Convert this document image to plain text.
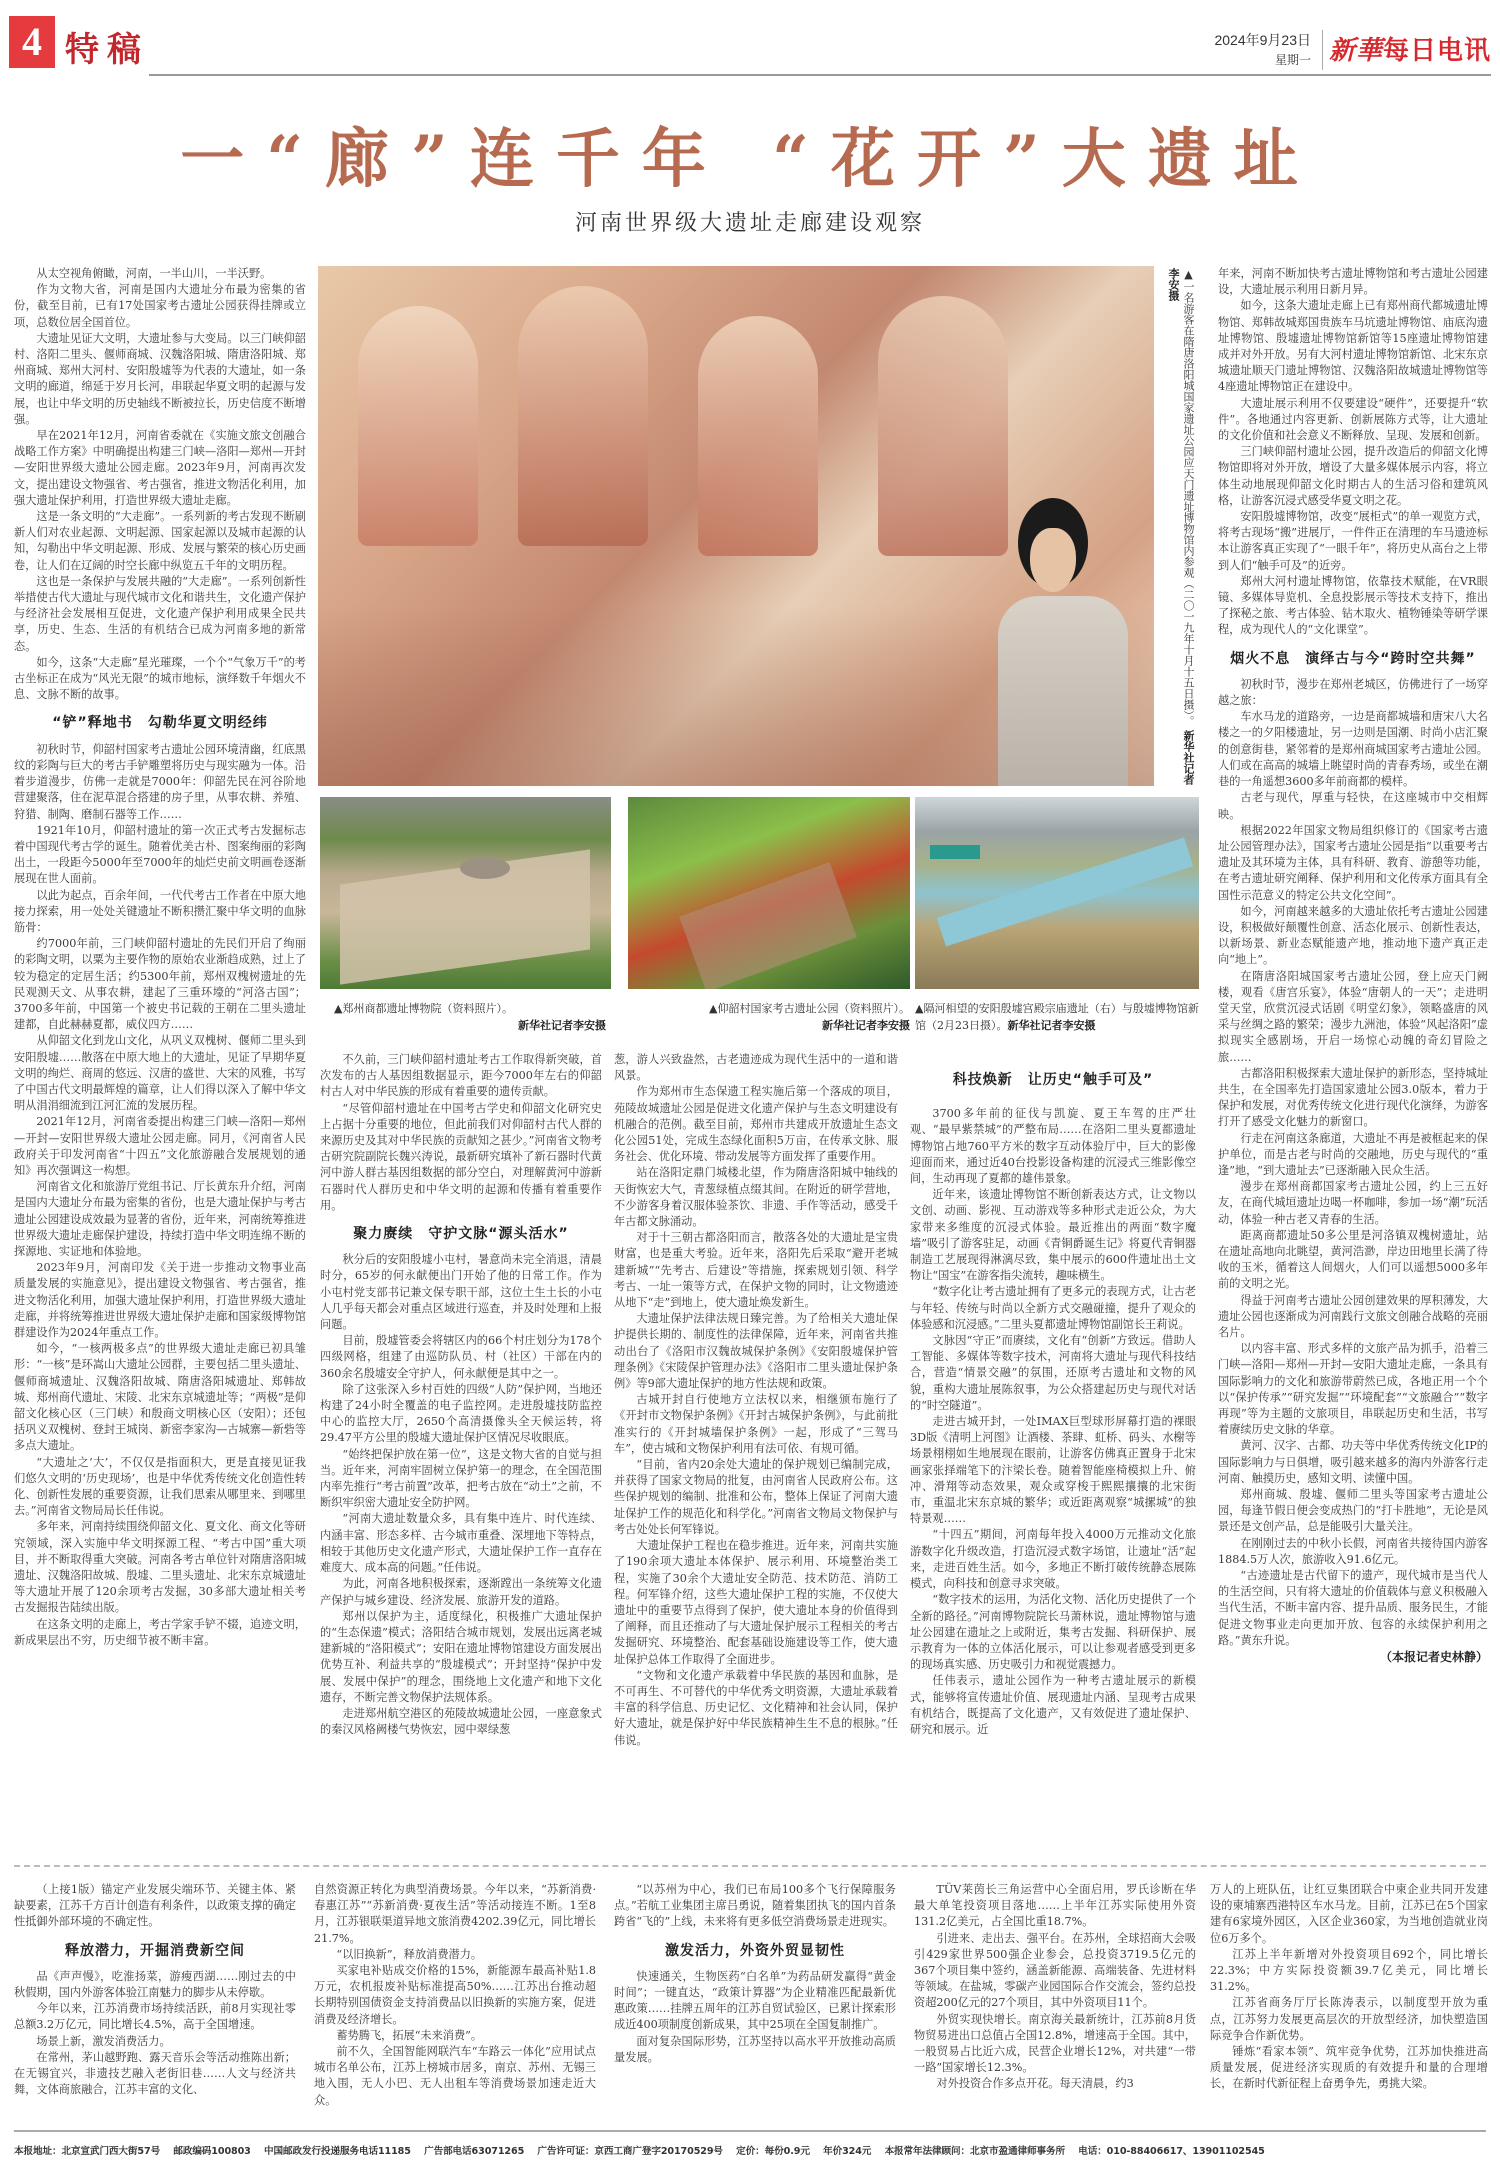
4 特稿	2024年9月23日
星期一 新華每日电讯
一“廊”连千年 “花开”大遗址
河南世界级大遗址走廊建设观察

从太空视角俯瞰，河南，一半山川，一半沃野。

作为文物大省，河南是国内大遗址分布最为密集的省份，截至目前，已有17处国家考古遗址公园获得挂牌或立项，总数位居全国首位。

大遗址见证大文明，大遗址参与大变局。以三门峡仰韶村、洛阳二里头、偃师商城、汉魏洛阳城、隋唐洛阳城、郑州商城、郑州大河村、安阳殷墟等为代表的大遗址，如一条文明的廊道，绵延于岁月长河，串联起华夏文明的起源与发展，也让中华文明的历史轴线不断被拉长，历史信度不断增强。

早在2021年12月，河南省委就在《实施文旅文创融合战略工作方案》中明确提出构建三门峡—洛阳—郑州—开封—安阳世界级大遗址公园走廊。2023年9月，河南再次发文，提出建设文物强省、考古强省，推进文物活化利用，加强大遗址保护利用，打造世界级大遗址走廊。

这是一条文明的“大走廊”。一系列新的考古发现不断刷新人们对农业起源、文明起源、国家起源以及城市起源的认知，勾勒出中华文明起源、形成、发展与繁荣的核心历史画卷，让人们在辽阔的时空长廊中纵览五千年的文明历程。

这也是一条保护与发展共融的“大走廊”。一系列创新性举措使古代大遗址与现代城市文化和谐共生，文化遗产保护与经济社会发展相互促进，文化遗产保护利用成果全民共享，历史、生态、生活的有机结合已成为河南多地的新常态。

如今，这条“大走廊”星光璀璨，一个个“气象万千”的考古坐标正在成为“风光无限”的城市地标，演绎数千年烟火不息、文脉不断的故事。

“铲”释地书　勾勒华夏文明经纬

初秋时节，仰韶村国家考古遗址公园环境清幽，红底黑纹的彩陶与巨大的考古手铲雕塑将历史与现实融为一体。沿着步道漫步，仿佛一走就是7000年：仰韶先民在河谷阶地营建聚落，住在泥草混合搭建的房子里，从事农耕、养殖、狩猎、制陶、磨制石器等工作……

1921年10月，仰韶村遗址的第一次正式考古发掘标志着中国现代考古学的诞生。随着优美古朴、图案绚丽的彩陶出土，一段距今5000年至7000年的灿烂史前文明画卷逐渐展现在世人面前。

以此为起点，百余年间，一代代考古工作者在中原大地接力探索，用一处处关键遗址不断积攒汇聚中华文明的血脉筋骨：

约7000年前，三门峡仰韶村遗址的先民们开启了绚丽的彩陶文明，以粟为主要作物的原始农业渐趋成熟，过上了较为稳定的定居生活；约5300年前，郑州双槐树遗址的先民观测天文、从事农耕，建起了三重环壕的“河洛古国”；3700多年前，中国第一个被史书记载的王朝在二里头遗址建都，自此赫赫夏都，威仪四方……

从仰韶文化到龙山文化，从巩义双槐树、偃师二里头到安阳殷墟……散落在中原大地上的大遗址，见证了早期华夏文明的绚烂、商周的悠远、汉唐的盛世、大宋的风雅，书写了中国古代文明最辉煌的篇章，让人们得以深入了解中华文明从涓涓细流到江河汇流的发展历程。

2021年12月，河南省委提出构建三门峡—洛阳—郑州—开封—安阳世界级大遗址公园走廊。同月，《河南省人民政府关于印发河南省“十四五”文化旅游融合发展规划的通知》再次强调这一构想。

河南省文化和旅游厅党组书记、厅长黄东升介绍，河南是国内大遗址分布最为密集的省份，也是大遗址保护与考古遗址公园建设成效最为显著的省份，近年来，河南统筹推进世界级大遗址走廊保护建设，持续打造中华文明连绵不断的探源地、实证地和体验地。

2023年9月，河南印发《关于进一步推动文物事业高质量发展的实施意见》，提出建设文物强省、考古强省，推进文物活化利用，加强大遗址保护利用，打造世界级大遗址走廊，并将统筹推进世界级大遗址保护走廊和国家级博物馆群建设作为2024年重点工作。

如今，“一核两极多点”的世界级大遗址走廊已初具雏形：“一核”是环嵩山大遗址公园群，主要包括二里头遗址、偃师商城遗址、汉魏洛阳故城、隋唐洛阳城遗址、郑韩故城、郑州商代遗址、宋陵、北宋东京城遗址等；“两极”是仰韶文化核心区（三门峡）和殷商文明核心区（安阳）；还包括巩义双槐树、登封王城岗、新密李家沟—古城寨—新砦等多点大遗址。

“大遗址之‘大’，不仅仅是指面积大，更是直接见证我们悠久文明的‘历史现场’，也是中华优秀传统文化创造性转化、创新性发展的重要资源，让我们思索从哪里来、到哪里去。”河南省文物局局长任伟说。

多年来，河南持续围绕仰韶文化、夏文化、商文化等研究领域，深入实施中华文明探源工程、“考古中国”重大项目，并不断取得重大突破。河南各考古单位针对隋唐洛阳城遗址、汉魏洛阳故城、殷墟、二里头遗址、北宋东京城遗址等大遗址开展了120余项考古发掘，30多部大遗址相关考古发掘报告陆续出版。

在这条文明的走廊上，考古学家手铲不辍，追迹文明，新成果层出不穷，历史细节被不断丰富。

▲一名游客在隋唐洛阳城国家遗址公园应天门遗址博物馆内参观（二〇一九年十月十五日摄）。 新华社记者李安摄
▲郑州商都遗址博物院（资料照片）。
新华社记者李安摄
▲仰韶村国家考古遗址公园（资料照片）。
新华社记者李安摄
▲隔河相望的安阳殷墟宫殿宗庙遗址（右）与殷墟博物馆新馆（2月23日摄）。新华社记者李安摄

不久前，三门峡仰韶村遗址考古工作取得新突破，首次发布的古人基因组数据显示，距今7000年左右的仰韶村古人对中华民族的形成有着重要的遗传贡献。

“尽管仰韶村遗址在中国考古学史和仰韶文化研究史上占据十分重要的地位，但此前我们对仰韶村古代人群的来源历史及其对中华民族的贡献知之甚少。”河南省文物考古研究院副院长魏兴涛说，最新研究填补了新石器时代黄河中游人群古基因组数据的部分空白，对理解黄河中游新石器时代人群历史和中华文明的起源和传播有着重要作用。

聚力赓续　守护文脉“源头活水”

秋分后的安阳殷墟小屯村，暑意尚未完全消退，清晨时分，65岁的何永献便出门开始了他的日常工作。作为小屯村党支部书记兼文保专职干部，这位土生土长的小屯人几乎每天都会对重点区域进行巡查，并及时处理和上报问题。

目前，殷墟管委会将辖区内的66个村庄划分为178个四级网格，组建了由巡防队员、村（社区）干部在内的360余名殷墟安全守护人，何永献便是其中之一。

除了这张深入乡村百姓的四级“人防”保护网，当地还构建了24小时全覆盖的电子监控网。走进殷墟技防监控中心的监控大厅，2650个高清摄像头全天候运转，将29.47平方公里的殷墟大遗址保护区情况尽收眼底。

“始终把保护放在第一位”，这是文物大省的自觉与担当。近年来，河南牢固树立保护第一的理念，在全国范围内率先推行“考古前置”改革，把考古放在“动土”之前，不断织牢织密大遗址安全防护网。

“河南大遗址数量众多，具有集中连片、时代连续、内涵丰富、形态多样、古今城市重叠、深埋地下等特点，相较于其他历史文化遗产形式，大遗址保护工作一直存在难度大、成本高的问题。”任伟说。

为此，河南各地积极探索，逐渐蹚出一条统筹文化遗产保护与城乡建设、经济发展、旅游开发的道路。

郑州以保护为主，适度绿化，积极推广大遗址保护的“生态保遗”模式；洛阳结合城市规划，发展出远离老城建新城的“洛阳模式”；安阳在遗址博物馆建设方面发展出优势互补、利益共享的“殷墟模式”；开封坚持“保护中发展、发展中保护”的理念，围绕地上文化遗产和地下文化遗存，不断完善文物保护法规体系。

走进郑州航空港区的苑陵故城遗址公园，一座意象式的秦汉风格阙楼气势恢宏，园中翠绿葱

葱，游人兴致盎然，古老遗迹成为现代生活中的一道和谐风景。

作为郑州市生态保遗工程实施后第一个落成的项目，苑陵故城遗址公园是促进文化遗产保护与生态文明建设有机融合的范例。截至目前，郑州市共建成开放遗址生态文化公园51处，完成生态绿化面积5万亩，在传承文脉、服务社会、优化环境、带动发展等方面发挥了重要作用。

站在洛阳定鼎门城楼北望，作为隋唐洛阳城中轴线的天街恢宏大气，青葱绿植点缀其间。在附近的研学营地，不少游客身着汉服体验茶饮、非遗、手作等活动，感受千年古都文脉涌动。

对于十三朝古都洛阳而言，散落各处的大遗址是宝贵财富，也是重大考验。近年来，洛阳先后采取“避开老城建新城”“先考古、后建设”等措施，探索规划引领、科学考古、一址一策等方式，在保护文物的同时，让文物遗迹从地下“走”到地上，使大遗址焕发新生。

大遗址保护法律法规日臻完善。为了给相关大遗址保护提供长期的、制度性的法律保障，近年来，河南省共推动出台了《洛阳市汉魏故城保护条例》《安阳殷墟保护管理条例》《宋陵保护管理办法》《洛阳市二里头遗址保护条例》等9部大遗址保护的地方性法规和政策。

古城开封自行使地方立法权以来，相继颁布施行了《开封市文物保护条例》《开封古城保护条例》，与此前批准实行的《开封城墙保护条例》一起，形成了“三驾马车”，使古城和文物保护利用有法可依、有规可循。

“目前，省内20余处大遗址的保护规划已编制完成，并获得了国家文物局的批复，由河南省人民政府公布。这些保护规划的编制、批准和公布，整体上保证了河南大遗址保护工作的规范化和科学化。”河南省文物局文物保护与考古处处长何军锋说。

大遗址保护工程也在稳步推进。近年来，河南共实施了190余项大遗址本体保护、展示利用、环境整治类工程，实施了30余个大遗址安全防范、技术防范、消防工程。何军锋介绍，这些大遗址保护工程的实施，不仅使大遗址中的重要节点得到了保护，使大遗址本身的价值得到了阐释，而且还推动了与大遗址保护展示工程相关的考古发掘研究、环境整治、配套基础设施建设等工作，使大遗址保护总体工作取得了全面进步。

“文物和文化遗产承载着中华民族的基因和血脉，是不可再生、不可替代的中华优秀文明资源，大遗址承载着丰富的科学信息、历史记忆、文化精神和社会认同，保护好大遗址，就是保护好中华民族精神生生不息的根脉。”任伟说。

科技焕新　让历史“触手可及”

3700多年前的征伐与凯旋、夏王车驾的庄严壮观、“最早紫禁城”的严整布局……在洛阳二里头夏都遗址博物馆占地760平方米的数字互动体验厅中，巨大的影像迎面而来，通过近40台投影设备构建的沉浸式三维影像空间，生动再现了夏都的雄伟景象。

近年来，该遗址博物馆不断创新表达方式，让文物以文创、动画、影视、互动游戏等多种形式走近公众，为大家带来多维度的沉浸式体验。最近推出的两面“数字魔墙”吸引了游客驻足，动画《青铜爵诞生记》将夏代青铜器制造工艺展现得淋漓尽致，集中展示的600件遗址出土文物让“国宝”在游客指尖流转，趣味横生。

“数字化让考古遗址拥有了更多元的表现方式，让古老与年轻、传统与时尚以全新方式交融碰撞，提升了观众的体验感和沉浸感。”二里头夏都遗址博物馆副馆长王莉说。

文脉因“守正”而赓续，文化有“创新”方致远。借助人工智能、多媒体等数字技术，河南将大遗址与现代科技结合，营造“情景交融”的氛围，还原考古遗址和文物的风貌，重构大遗址展陈叙事，为公众搭建起历史与现代对话的“时空隧道”。

走进古城开封，一处IMAX巨型球形屏幕打造的裸眼3D版《清明上河图》让酒楼、茶肆、虹桥、码头、水榭等场景栩栩如生地展现在眼前，让游客仿佛真正置身于北宋画家张择端笔下的汴梁长卷。随着智能座椅模拟上升、俯冲、滑翔等动态效果，观众或穿梭于熙熙攘攘的北宋街市，重温北宋东京城的繁华；或近距离观察“城摞城”的独特景观……

“十四五”期间，河南每年投入4000万元推动文化旅游数字化升级改造，打造沉浸式数字场馆，让遗址“活”起来，走进百姓生活。如今，多地正不断打破传统静态展陈模式，向科技和创意寻求突破。

“数字技术的运用，为活化文物、活化历史提供了一个全新的路径。”河南博物院院长马萧林说，遗址博物馆与遗址公园建在遗址之上或附近，集考古发掘、科研保护、展示教育为一体的立体活化展示，可以让参观者感受到更多的现场真实感、历史吸引力和视觉震撼力。

任伟表示，遗址公园作为一种考古遗址展示的新模式，能够将宣传遗址价值、展现遗址内涵、呈现考古成果有机结合，既提高了文化遗产，又有效促进了遗址保护、研究和展示。近

年来，河南不断加快考古遗址博物馆和考古遗址公园建设，大遗址展示利用日新月异。

如今，这条大遗址走廊上已有郑州商代都城遗址博物馆、郑韩故城郑国贵族车马坑遗址博物馆、庙底沟遗址博物馆、殷墟遗址博物馆新馆等15座遗址博物馆建成并对外开放。另有大河村遗址博物馆新馆、北宋东京城遗址顺天门遗址博物馆、汉魏洛阳故城遗址博物馆等4座遗址博物馆正在建设中。

大遗址展示利用不仅要建设“硬件”，还要提升“软件”。各地通过内容更新、创新展陈方式等，让大遗址的文化价值和社会意义不断释放、呈现、发展和创新。

三门峡仰韶村遗址公园，提升改造后的仰韶文化博物馆即将对外开放，增设了大量多媒体展示内容，将立体生动地展现仰韶文化时期古人的生活习俗和建筑风格，让游客沉浸式感受华夏文明之花。

安阳殷墟博物馆，改变“展柜式”的单一观览方式，将考古现场“搬”进展厅，一件件正在清理的车马遗迹标本让游客真正实现了“一眼千年”，将历史从高台之上带到人们“触手可及”的近旁。

郑州大河村遗址博物馆，依靠技术赋能，在VR眼镜、多媒体导览机、全息投影展示等技术支持下，推出了探秘之旅、考古体验、钻木取火、植物锤染等研学课程，成为现代人的“文化课堂”。

烟火不息　演绎古与今“跨时空共舞”

初秋时节，漫步在郑州老城区，仿佛进行了一场穿越之旅：

车水马龙的道路旁，一边是商都城墙和唐宋八大名楼之一的夕阳楼遗址，另一边则是国潮、时尚小店汇聚的创意街巷，紧邻着的是郑州商城国家考古遗址公园。人们或在高高的城墙上眺望时尚的青春秀场，或坐在潮巷的一角遥想3600多年前商都的模样。

古老与现代，厚重与轻快，在这座城市中交相辉映。

根据2022年国家文物局组织修订的《国家考古遗址公园管理办法》，国家考古遗址公园是指“以重要考古遗址及其环境为主体，具有科研、教育、游憩等功能，在考古遗址研究阐释、保护利用和文化传承方面具有全国性示范意义的特定公共文化空间”。

如今，河南越来越多的大遗址依托考古遗址公园建设，积极做好颠覆性创意、活态化展示、创新性表达，以新场景、新业态赋能遗产地，推动地下遗产真正走向“地上”。

在隋唐洛阳城国家考古遗址公园，登上应天门阙楼，观看《唐宫乐宴》，体验“唐朝人的一天”；走进明堂天堂，欣赏沉浸式话剧《明堂幻象》，领略盛唐的风采与丝绸之路的繁荣；漫步九洲池，体验“风起洛阳”虚拟现实全感剧场，开启一场惊心动魄的奇幻冒险之旅……

古都洛阳积极探索大遗址保护的新形态，坚持城址共生，在全国率先打造国家遗址公园3.0版本，着力于保护和发展，对优秀传统文化进行现代化演绎，为游客打开了感受文化魅力的新窗口。

行走在河南这条廊道，大遗址不再是被框起来的保护单位，而是古老与时尚的交融地，历史与现代的“重逢”地，“到大遗址去”已逐渐融入民众生活。

漫步在郑州商都国家考古遗址公园，约上三五好友，在商代城垣遗址边喝一杯咖啡，参加一场“潮”玩活动，体验一种古老又青春的生活。

距离商都遗址50多公里是河洛镇双槐树遗址，站在遗址高地向北眺望，黄河浩渺，岸边田地里长满了待收的玉米，循着这人间烟火，人们可以遥想5000多年前的文明之光。

得益于河南考古遗址公园创建效果的厚积薄发，大遗址公园也逐渐成为河南践行文旅文创融合战略的亮丽名片。

以内容丰富、形式多样的文旅产品为抓手，沿着三门峡—洛阳—郑州—开封—安阳大遗址走廊，一条具有国际影响力的文化和旅游带蔚然已成，各地正用一个个以“保护传承”“研究发掘”“环境配套”“文旅融合”“数字再现”等为主题的文旅项目，串联起历史和生活，书写着赓续历史文脉的华章。

黄河、汉字、古都、功夫等中华优秀传统文化IP的国际影响力与日俱增，吸引越来越多的海内外游客行走河南、触摸历史，感知文明、读懂中国。

郑州商城、殷墟、偃师二里头等国家考古遗址公园，每逢节假日便会变成热门的“打卡胜地”，无论是风景还是文创产品，总是能吸引大量关注。

在刚刚过去的中秋小长假，河南省共接待国内游客1884.5万人次，旅游收入91.6亿元。

“古迹遗址是古代留下的遗产，现代城市是当代人的生活空间，只有将大遗址的价值载体与意义积极融入当代生活，不断丰富内容、提升品质、服务民生，才能促进文物事业走向更加开放、包容的永续保护利用之路。”黄东升说。

（本报记者史林静）

（上接1版）锚定产业发展尖端环节、关键主体、紧缺要素，江苏千方百计创造有利条件，以政策支撑的确定性抵御外部环境的不确定性。

释放潜力，开掘消费新空间

品《声声慢》，吃淮扬菜，游瘦西湖……刚过去的中秋假期，国内外游客体验江南魅力的脚步从未停歇。

今年以来，江苏消费市场持续活跃，前8月实现社零总额3.2万亿元，同比增长4.5%，高于全国增速。

场景上新，激发消费活力。

在常州，茅山越野跑、露天音乐会等活动推陈出新；在无锡宜兴，非遗技艺融入老街旧巷……人文与经济共舞，文体商旅融合，江苏丰富的文化、

自然资源正转化为典型消费场景。今年以来，“苏新消费·春惠江苏”“苏新消费·夏夜生活”等活动接连不断。1至8月，江苏银联渠道异地文旅消费4202.39亿元，同比增长21.7%。

“以旧换新”，释放消费潜力。

买家电补贴成交价格的15%，新能源车最高补贴1.8万元，农机报废补贴标准提高50%……江苏出台推动超长期特别国债资金支持消费品以旧换新的实施方案，促进消费及经济增长。

蓄势腾飞，拓展“未来消费”。

前不久，全国智能网联汽车“车路云一体化”应用试点城市名单公布，江苏上榜城市居多，南京、苏州、无锡三地入围，无人小巴、无人出租车等消费场景加速走近大众。

“以苏州为中心，我们已布局100多个飞行保障服务点。”若航工业集团主席吕勇说，随着集团执飞的国内首条跨省“飞的”上线，未来将有更多低空消费场景走进现实。

激发活力，外资外贸显韧性

快速通关，生物医药“白名单”为药品研发赢得“黄金时间”；一键直达，“政策计算器”为企业精准匹配最新优惠政策……挂牌五周年的江苏自贸试验区，已累计探索形成近400项制度创新成果，其中25项在全国复制推广。

面对复杂国际形势，江苏坚持以高水平开放推动高质量发展。

TÜV莱茵长三角运营中心全面启用，罗氏诊断在华最大单笔投资项目落地……上半年江苏实际使用外资131.2亿美元，占全国比重18.7%。

引进来、走出去、强平台。在苏州，全球招商大会吸引429家世界500强企业参会，总投资3719.5亿元的367个项目集中签约，涵盖新能源、高端装备、先进材料等领域。在盐城，零碳产业园国际合作交流会，签约总投资超200亿元的27个项目，其中外资项目11个。

外贸实现快增长。南京海关最新统计，江苏前8月货物贸易进出口总值占全国12.8%，增速高于全国。其中，一般贸易占比近六成，民营企业增长12%，对共建“一带一路”国家增长12.3%。

对外投资合作多点开花。每天清晨，约3

万人的上班队伍，让红豆集团联合中柬企业共同开发建设的柬埔寨西港特区车水马龙。目前，江苏已在5个国家建有6家境外园区，入区企业360家，为当地创造就业岗位6万多个。

江苏上半年新增对外投资项目692个，同比增长22.3%；中方实际投资额39.7亿美元，同比增长31.2%。

江苏省商务厅厅长陈涛表示，以制度型开放为重点，江苏努力发展更高层次的开放型经济，加快塑造国际竞争合作新优势。

锤炼“看家本领”、筑牢竞争优势，江苏加快推进高质量发展，促进经济实现质的有效提升和量的合理增长，在新时代新征程上奋勇争先，勇挑大梁。

本报地址：北京宣武门西大街57号 邮政编码100803 中国邮政发行投递服务电话11185 广告部电话63071265 广告许可证：京西工商广登字20170529号 定价：每份0.9元 年价324元 本报常年法律顾问：北京市盈通律师事务所 电话：010-88406617、13901102545
